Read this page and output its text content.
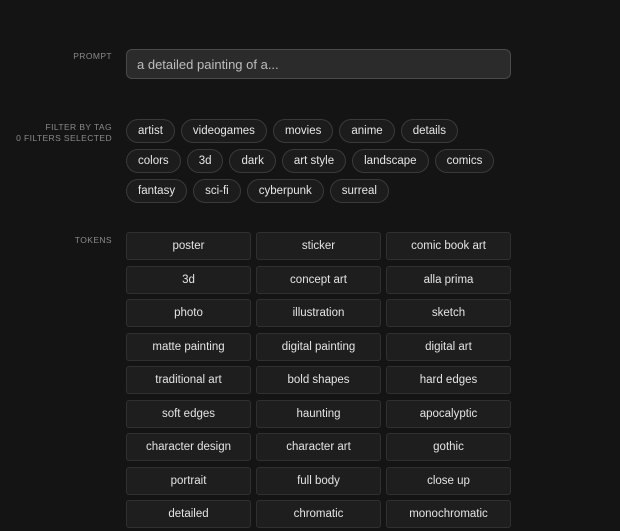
PROMPT
a detailed painting of a...
FILTER BY TAG
0 FILTERS SELECTED
artist	videogames	movies	anime	details
colors	3d	dark	art style	landscape	comics
fantasy	sci-fi	cyberpunk	surreal
TOKENS	poster	sticker	comic book art
3d	concept art	alla prima
photo	illustration	sketch
matte painting	digital painting	digital art
traditional art	bold shapes	hard edges
soft edges	haunting	apocalyptic
character design	character art	gothic
portrait	full body	close up
detailed	chromatic	monochromatic
